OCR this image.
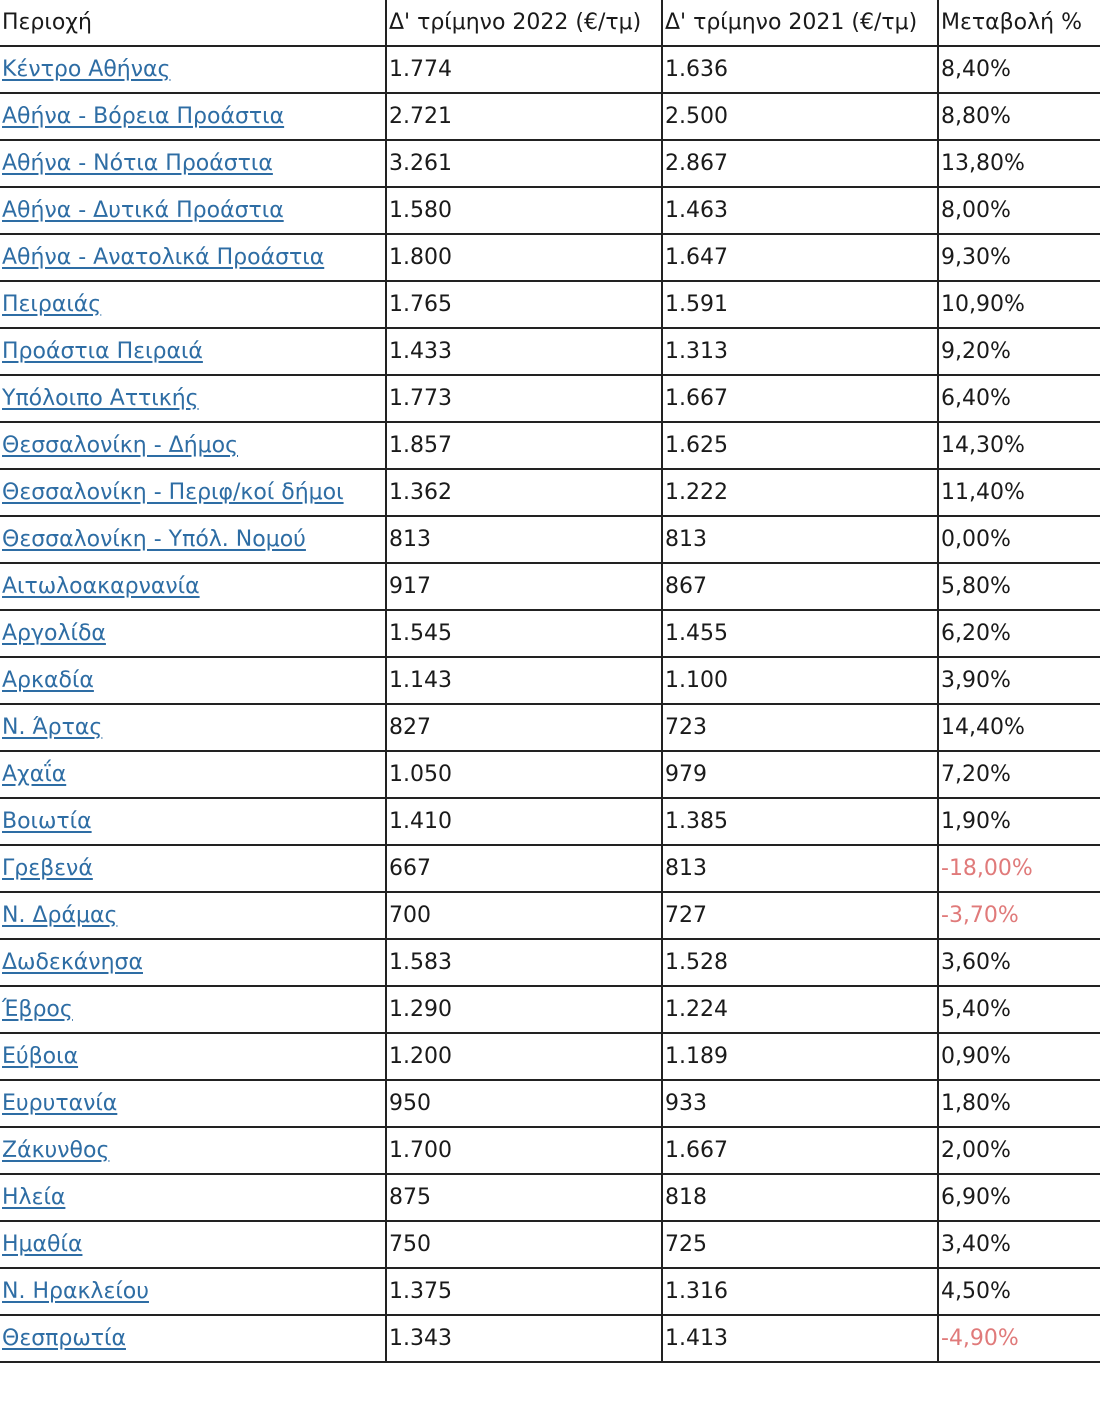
Περιοχή	Δ' τρίμηνο 2022 (€/τμ)	Δ' τρίμηνο 2021 (€/τμ)	Μεταβολή %
Κέντρο Αθήνας	1.774	1.636	8,40%
Αθήνα - Βόρεια Προάστια	2.721	2.500	8,80%
Αθήνα - Νότια Προάστια	3.261	2.867	13,80%
Αθήνα - Δυτικά Προάστια	1.580	1.463	8,00%
Αθήνα - Ανατολικά Προάστια	1.800	1.647	9,30%
Πειραιάς	1.765	1.591	10,90%
Προάστια Πειραιά	1.433	1.313	9,20%
Υπόλοιπο Αττικής	1.773	1.667	6,40%
Θεσσαλονίκη - Δήμος	1.857	1.625	14,30%
Θεσσαλονίκη - Περιφ/κοί δήμοι	1.362	1.222	11,40%
Θεσσαλονίκη - Υπόλ. Νομού	813	813	0,00%
Αιτωλοακαρνανία	917	867	5,80%
Αργολίδα	1.545	1.455	6,20%
Αρκαδία	1.143	1.100	3,90%
Ν. Άρτας	827	723	14,40%
Αχαΐα	1.050	979	7,20%
Βοιωτία	1.410	1.385	1,90%
Γρεβενά	667	813	-18,00%
Ν. Δράμας	700	727	-3,70%
Δωδεκάνησα	1.583	1.528	3,60%
Έβρος	1.290	1.224	5,40%
Εύβοια	1.200	1.189	0,90%
Ευρυτανία	950	933	1,80%
Ζάκυνθος	1.700	1.667	2,00%
Ηλεία	875	818	6,90%
Ημαθία	750	725	3,40%
Ν. Ηρακλείου	1.375	1.316	4,50%
Θεσπρωτία	1.343	1.413	-4,90%
